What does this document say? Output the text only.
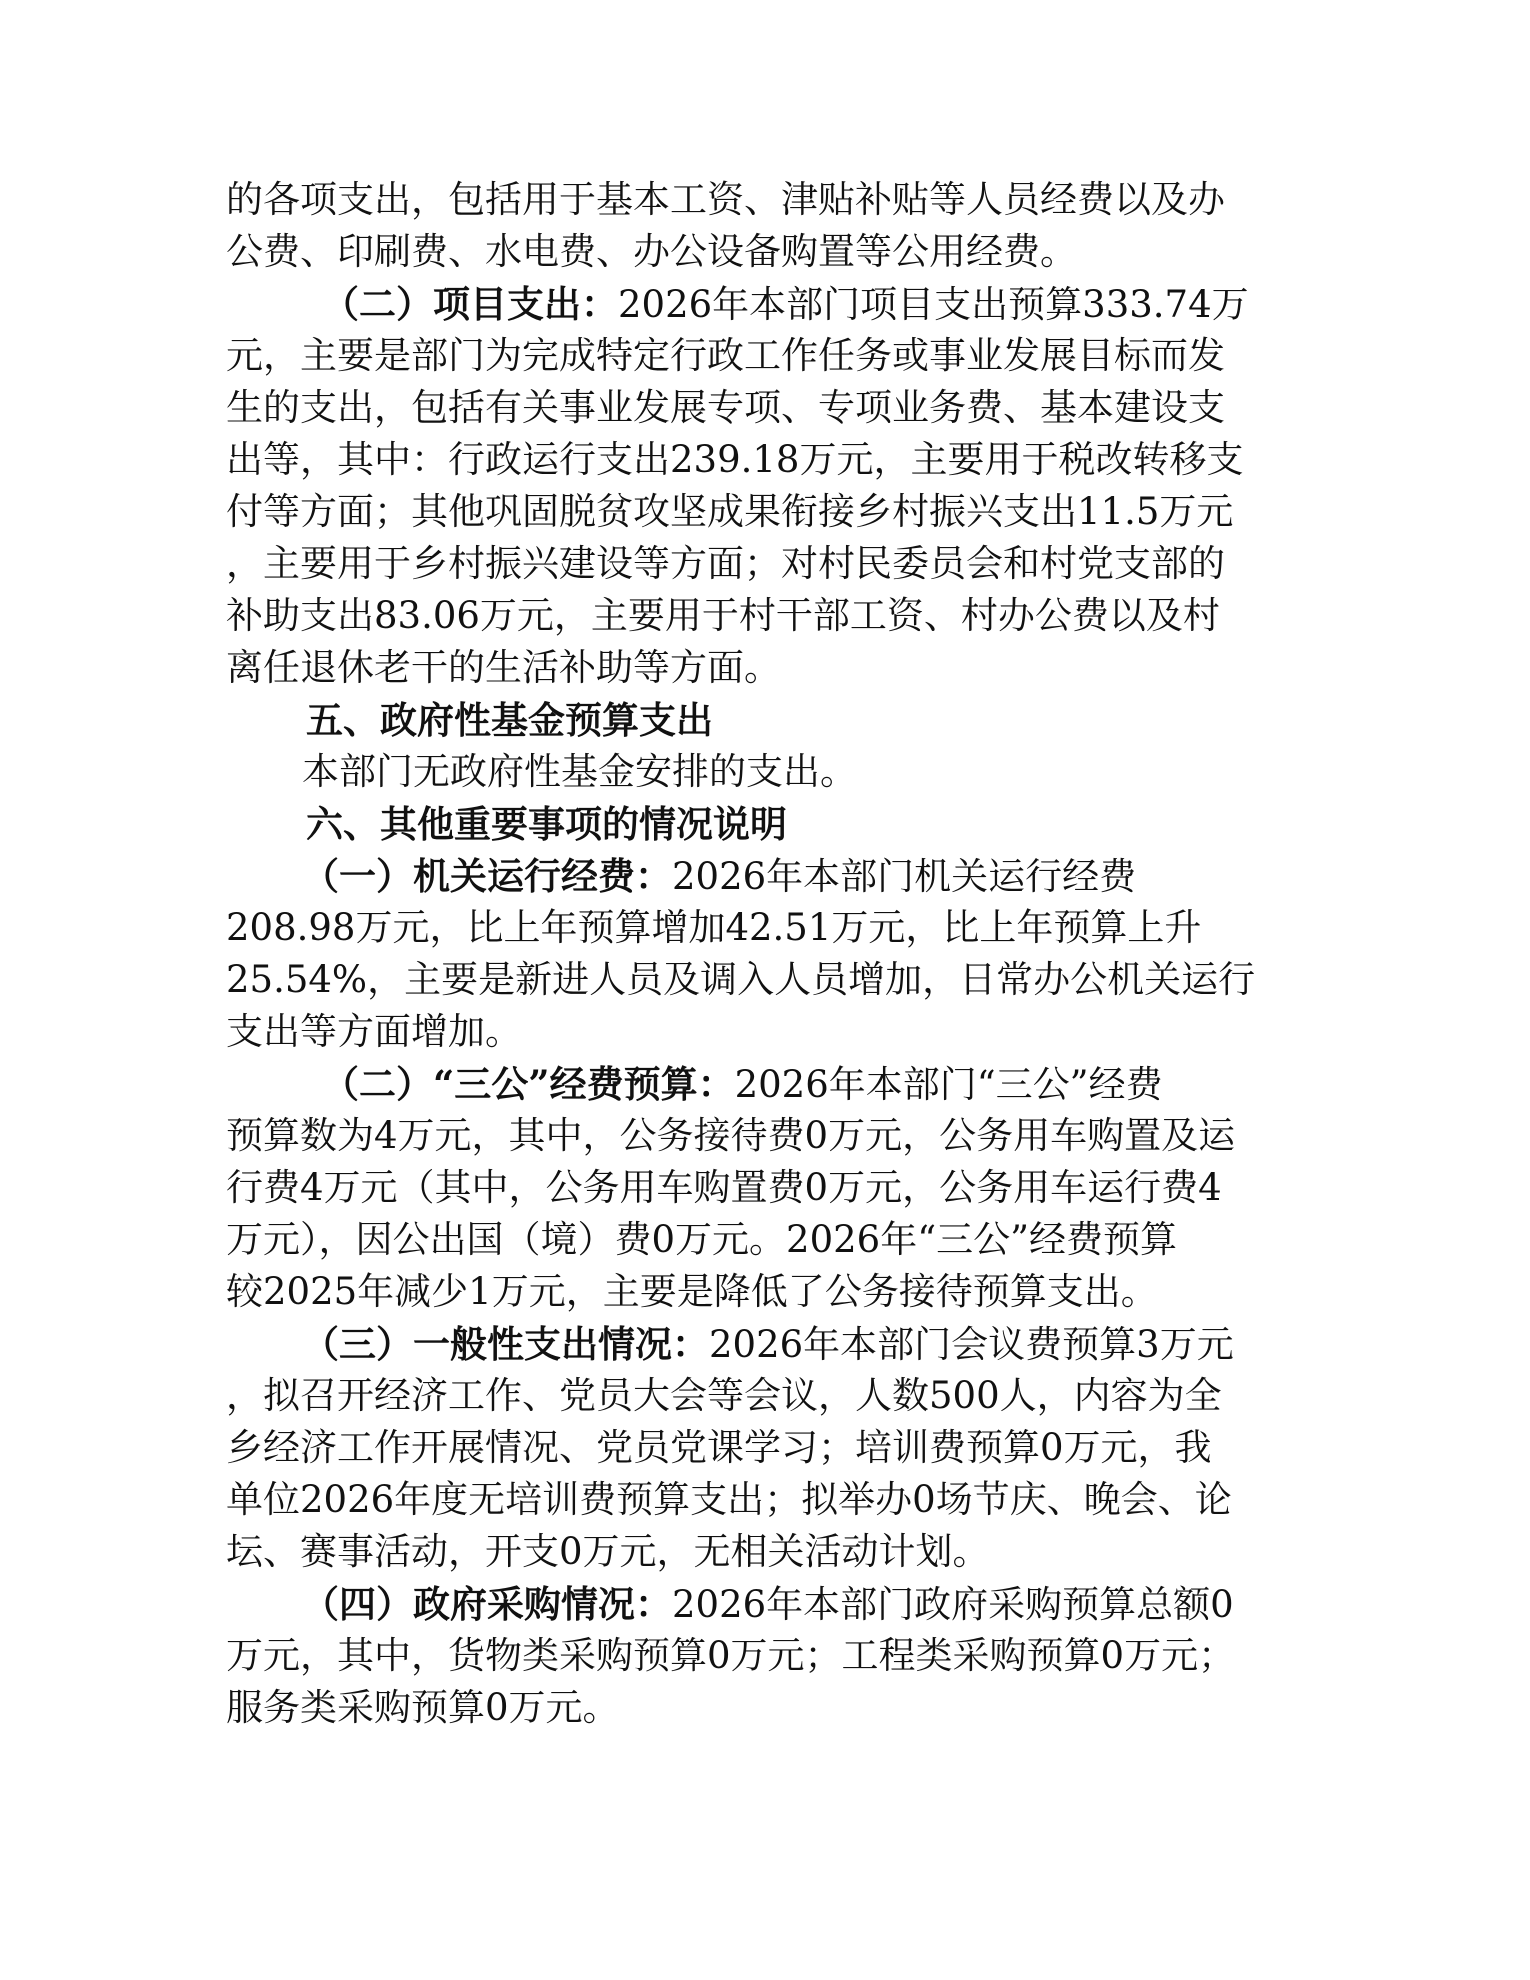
的各项支出，包括用于基本工资、津贴补贴等人员经费以及办
公费、印刷费、水电费、办公设备购置等公用经费。
（二）项目支出：2026年本部门项目支出预算333.74万
元，主要是部门为完成特定行政工作任务或事业发展目标而发
生的支出，包括有关事业发展专项、专项业务费、基本建设支
出等，其中：行政运行支出239.18万元，主要用于税改转移支
付等方面；其他巩固脱贫攻坚成果衔接乡村振兴支出11.5万元
，主要用于乡村振兴建设等方面；对村民委员会和村党支部的
补助支出83.06万元，主要用于村干部工资、村办公费以及村
离任退休老干的生活补助等方面。
五、政府性基金预算支出
本部门无政府性基金安排的支出。
六、其他重要事项的情况说明
（一）机关运行经费：2026年本部门机关运行经费
208.98万元，比上年预算增加42.51万元，比上年预算上升
25.54%，主要是新进人员及调入人员增加，日常办公机关运行
支出等方面增加。
（二）“三公”经费预算：2026年本部门“三公”经费
预算数为4万元，其中，公务接待费0万元，公务用车购置及运
行费4万元（其中，公务用车购置费0万元，公务用车运行费4
万元），因公出国（境）费0万元。2026年“三公”经费预算
较2025年减少1万元，主要是降低了公务接待预算支出。
（三）一般性支出情况：2026年本部门会议费预算3万元
，拟召开经济工作、党员大会等会议，人数500人，内容为全
乡经济工作开展情况、党员党课学习；培训费预算0万元，我
单位2026年度无培训费预算支出；拟举办0场节庆、晚会、论
坛、赛事活动，开支0万元，无相关活动计划。
（四）政府采购情况：2026年本部门政府采购预算总额0
万元，其中，货物类采购预算0万元；工程类采购预算0万元；
服务类采购预算0万元。
